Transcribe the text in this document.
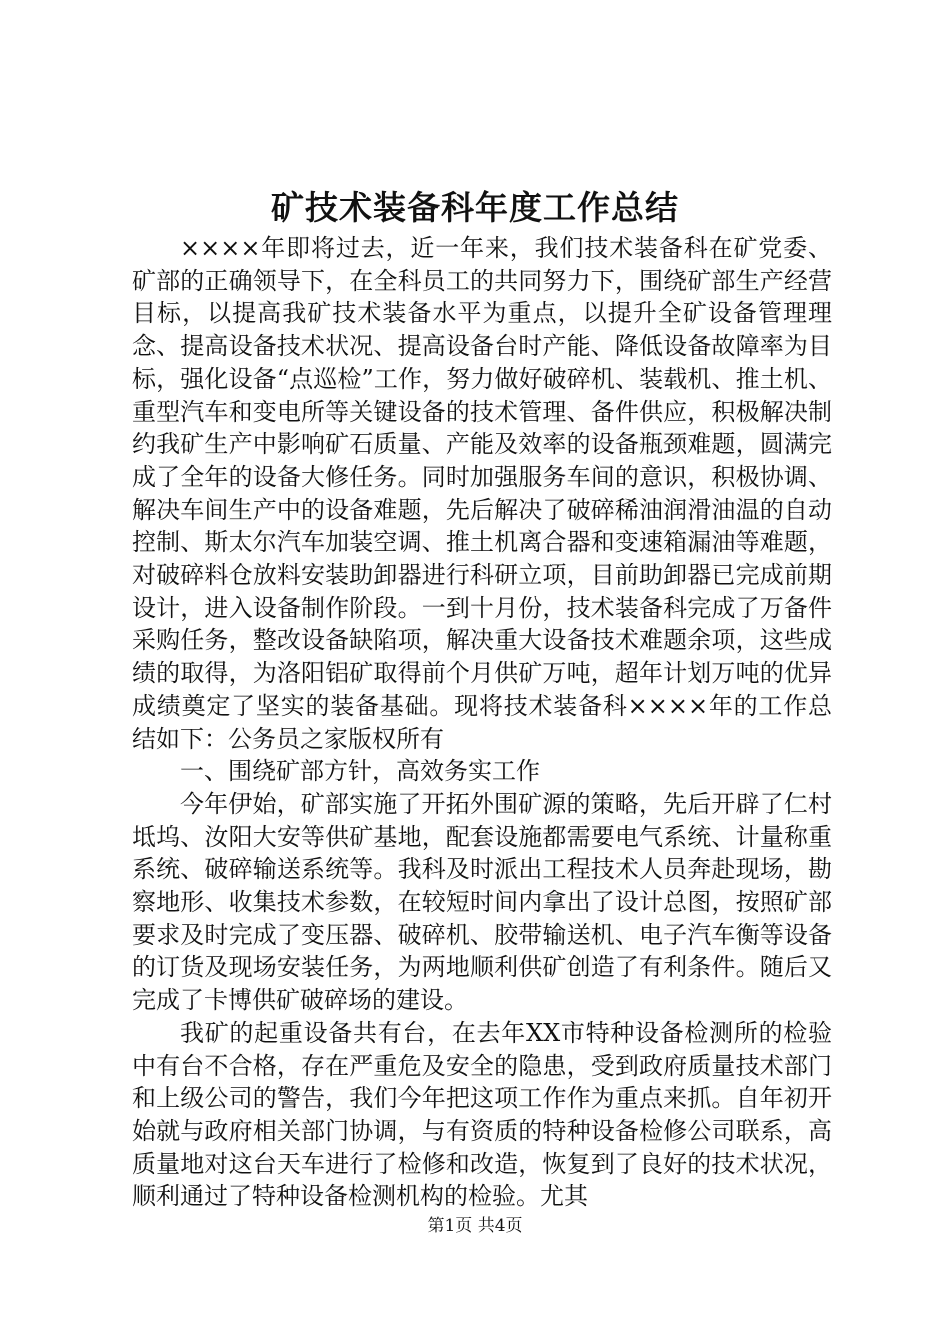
矿技术装备科年度工作总结

××××年即将过去，近一年来，我们技术装备科在矿党委、矿部的正确领导下，在全科员工的共同努力下，围绕矿部生产经营目标，以提高我矿技术装备水平为重点，以提升全矿设备管理理念、提高设备技术状况、提高设备台时产能、降低设备故障率为目标，强化设备“点巡检”工作，努力做好破碎机、装载机、推土机、重型汽车和变电所等关键设备的技术管理、备件供应，积极解决制约我矿生产中影响矿石质量、产能及效率的设备瓶颈难题，圆满完成了全年的设备大修任务。同时加强服务车间的意识，积极协调、解决车间生产中的设备难题，先后解决了破碎稀油润滑油温的自动控制、斯太尔汽车加装空调、推土机离合器和变速箱漏油等难题，对破碎料仓放料安装助卸器进行科研立项，目前助卸器已完成前期设计，进入设备制作阶段。一到十月份，技术装备科完成了万备件采购任务，整改设备缺陷项，解决重大设备技术难题余项，这些成绩的取得，为洛阳铝矿取得前个月供矿万吨，超年计划万吨的优异成绩奠定了坚实的装备基础。现将技术装备科××××年的工作总结如下：公务员之家版权所有

一、围绕矿部方针，高效务实工作

今年伊始，矿部实施了开拓外围矿源的策略，先后开辟了仁村坻坞、汝阳大安等供矿基地，配套设施都需要电气系统、计量称重系统、破碎输送系统等。我科及时派出工程技术人员奔赴现场，勘察地形、收集技术参数，在较短时间内拿出了设计总图，按照矿部要求及时完成了变压器、破碎机、胶带输送机、电子汽车衡等设备的订货及现场安装任务，为两地顺利供矿创造了有利条件。随后又完成了卡博供矿破碎场的建设。

我矿的起重设备共有台，在去年XX市特种设备检测所的检验中有台不合格，存在严重危及安全的隐患，受到政府质量技术部门和上级公司的警告，我们今年把这项工作作为重点来抓。自年初开始就与政府相关部门协调，与有资质的特种设备检修公司联系，高质量地对这台天车进行了检修和改造，恢复到了良好的技术状况，顺利通过了特种设备检测机构的检验。尤其

第1页 共4页
